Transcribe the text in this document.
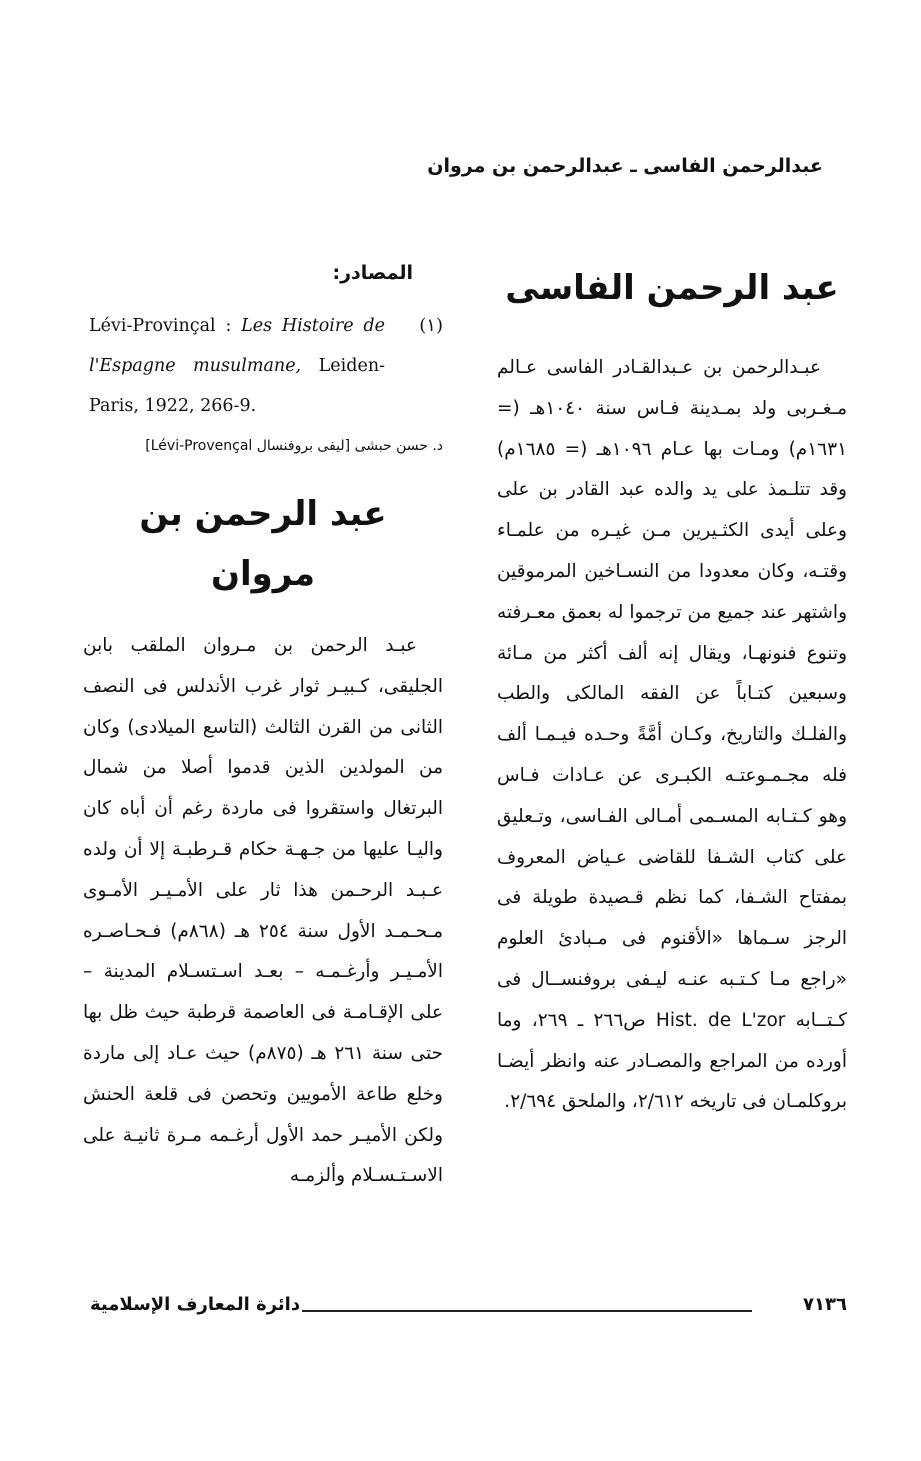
عبدالرحمن الفاسى ـ عبدالرحمن بن مروان
عبد الرحمن الفاسى

عبـدالرحمن بن عـبدالقـادر الفاسى عـالم مـغـربى ولد بمـدينة فـاس سنة ١٠٤٠هـ (= ١٦٣١م) ومـات بها عـام ١٠٩٦هـ (= ١٦٨٥م) وقد تتلـمذ على يد والده عبد القادر بن على وعلى أيدى الكثـيرين مـن غيـره من علمـاء وقتـه، وكان معدودا من النسـاخين المرموقين واشتهر عند جميع من ترجموا له بعمق معـرفته وتنوع فنونهـا، ويقال إنه ألف أكثر من مـائة وسبعين كتـاباً عن الفقه المالكى والطب والفلـك والتاريخ، وكـان أمَّةً وحـده فيـمـا ألف فله مجـمـوعتـه الكبـرى عن عـادات فـاس وهو كـتـابه المسـمى أمـالى الفـاسى، وتـعليق على كتاب الشـفا للقاضى عـياض المعروف بمفتاح الشـفا، كما نظم قـصيدة طويلة فى الرجز سـماها «الأقنوم فى مـبادئ العلوم «راجع مـا كـتـبه عنـه ليـفى بروفنســال فى كـتــابه Hist. de L'zor ص٢٦٦ ـ ٢٦٩، وما أورده من المراجع والمصـادر عنه وانظر أيضـا بروكلمـان فى تاريخه ٢/٦١٢، والملحق ٢/٦٩٤.

المصادر:
(١)
Lévi-Provinçal : Les Histoire de l'Espagne musulmane, Leiden-Paris, 1922, 266-9.
د. حسن حبشى [ليفى بروفنسال Lévi-Provençal]
عبد الرحمن بن مروان

عبـد الرحمن بن مـروان الملقب بابن الجليقى، كـبيـر ثوار غرب الأندلس فى النصف الثانى من القرن الثالث (التاسع الميلادى) وكان من المولدين الذين قدموا أصلا من شمال البرتغال واستقروا فى ماردة رغم أن أباه كان واليـا عليها من جـهـة حكام قـرطبـة إلا أن ولده عـبـد الرحـمن هذا ثار على الأمـيـر الأمـوى مـحـمـد الأول سنة ٢٥٤ هـ (٨٦٨م) فـحـاصـره الأمـيـر وأرغـمـه – بعـد اسـتسـلام المدينة – على الإقـامـة فى العاصمة قرطبة حيث ظل بها حتى سنة ٢٦١ هـ (٨٧٥م) حيث عـاد إلى ماردة وخلع طاعة الأمويين وتحصن فى قلعة الحنش ولكن الأميـر حمد الأول أرغـمه مـرة ثانيـة على الاسـتـسـلام وألزمـه

٧١٣٦
دائرة المعارف الإسلامية
